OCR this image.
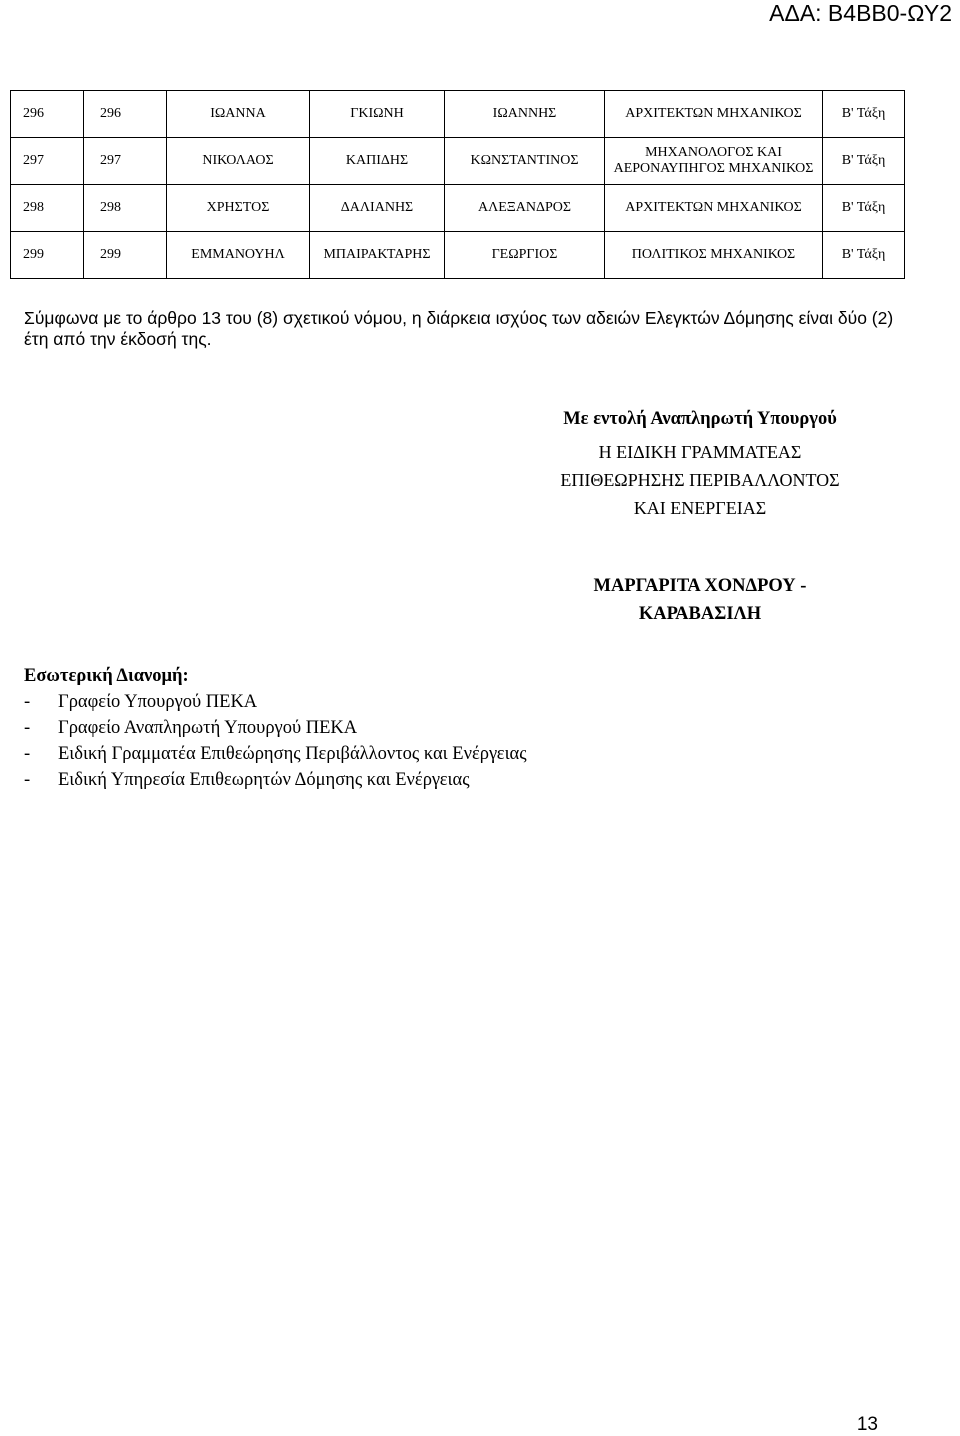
ΑΔΑ: Β4ΒΒ0-ΩΥ2
296	296	ΙΩΑΝΝΑ	ΓΚΙΩΝΗ	ΙΩΑΝΝΗΣ	ΑΡΧΙΤΕΚΤΩΝ ΜΗΧΑΝΙΚΟΣ	Β' Τάξη
297	297	ΝΙΚΟΛΑΟΣ	ΚΑΠΙΔΗΣ	ΚΩΝΣΤΑΝΤΙΝΟΣ	ΜΗΧΑΝΟΛΟΓΟΣ ΚΑΙ ΑΕΡΟΝΑΥΠΗΓΟΣ ΜΗΧΑΝΙΚΟΣ	Β' Τάξη
298	298	ΧΡΗΣΤΟΣ	ΔΑΛΙΑΝΗΣ	ΑΛΕΞΑΝΔΡΟΣ	ΑΡΧΙΤΕΚΤΩΝ ΜΗΧΑΝΙΚΟΣ	Β' Τάξη
299	299	ΕΜΜΑΝΟΥΗΛ	ΜΠΑΙΡΑΚΤΑΡΗΣ	ΓΕΩΡΓΙΟΣ	ΠΟΛΙΤΙΚΟΣ ΜΗΧΑΝΙΚΟΣ	Β' Τάξη
Σύμφωνα με το άρθρο 13 του (8) σχετικού νόμου, η διάρκεια ισχύος των αδειών Ελεγκτών Δόμησης είναι δύο (2) έτη από την έκδοσή της.
Με εντολή Αναπληρωτή Υπουργού
Η ΕΙΔΙΚΗ ΓΡΑΜΜΑΤΕΑΣ
ΕΠΙΘΕΩΡΗΣΗΣ ΠΕΡΙΒΑΛΛΟΝΤΟΣ
ΚΑΙ ΕΝΕΡΓΕΙΑΣ
ΜΑΡΓΑΡΙΤΑ ΧΟΝΔΡΟΥ -
ΚΑΡΑΒΑΣΙΛΗ
Εσωτερική Διανομή:
- Γραφείο Υπουργού ΠΕΚΑ
- Γραφείο Αναπληρωτή Υπουργού ΠΕΚΑ
- Ειδική Γραμματέα Επιθεώρησης Περιβάλλοντος και Ενέργειας
- Ειδική Υπηρεσία Επιθεωρητών Δόμησης και Ενέργειας
13
